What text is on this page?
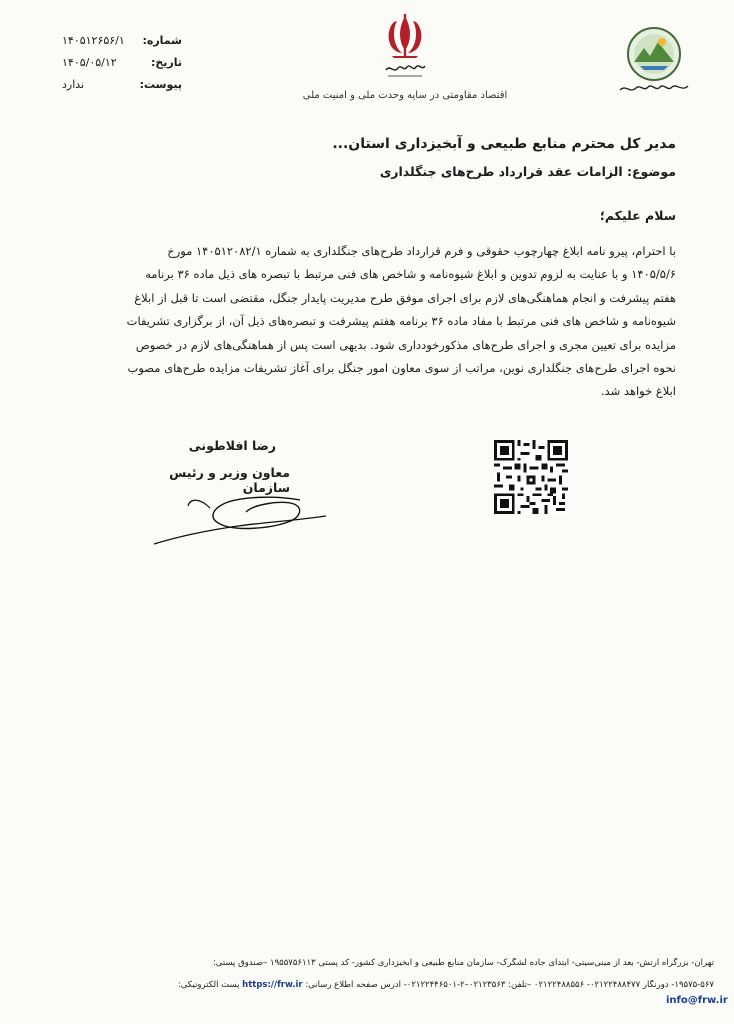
شماره:
۱۴۰۵۱۲۶۵۶/۱
تاریخ:
۱۴۰۵/۰۵/۱۲
پیوست:
ندارد
اقتصاد مقاومتی در سایه وحدت ملی و امنیت ملی
مدیر کل محترم منابع طبیعی و آبخیزداری استان...
موضوع: الزامات عقد قرارداد طرح‌های جنگلداری
سلام علیکم؛
با احترام، پیرو نامه ابلاغ چهارچوب حقوقی و فرم قرارداد طرح‌های جنگلداری به شماره ۱۴۰۵۱۲۰۸۲/۱ مورخ
۱۴۰۵/۵/۶ و با عنایت به لزوم تدوین و ابلاغ شیوه‌نامه و شاخص های فنی مرتبط با تبصره های ذیل ماده ۳۶ برنامه
هفتم پیشرفت و انجام هماهنگی‌های لازم برای اجرای موفق طرح مدیریت پایدار جنگل، مقتضی است تا قبل از ابلاغ
شیوه‌نامه و شاخص های فنی مرتبط با مفاد ماده ۳۶ برنامه هفتم پیشرفت و تبصره‌های ذیل آن، از برگزاری تشریفات
مزایده برای تعیین مجری و اجرای طرح‌های مذکورخودداری شود. بدیهی است پس از هماهنگی‌های لازم در خصوص
نحوه اجرای طرح‌های جنگلداری نوین، مراتب از سوی معاون امور جنگل برای آغاز تشریفات مزایده طرح‌های مصوب
ابلاغ خواهد شد.
رضا افلاطونی
معاون وزیر و رئیس سازمان
تهران- بزرگراه ارتش- بعد از مینی‌سیتی- ابتدای جاده لشگرک- سازمان منابع طبیعی و آبخیزداری کشور- کد پستی ۱۹۵۵۷۵۶۱۱۳ –صندوق پستی:
۱۹۵۷۵-۵۶۷- دورنگار ۰۲۱۲۲۴۸۸۴۷۷- ۰۲۱۲۲۴۸۸۵۵۶ –تلفن: ۰۲۱۲۳۵۶۳–۲-۰۲۱۲۲۴۴۶۵۰۱- آدرس صفحه اطلاع رسانی: https://frw.ir پست الکترونیکی:
info@frw.ir
